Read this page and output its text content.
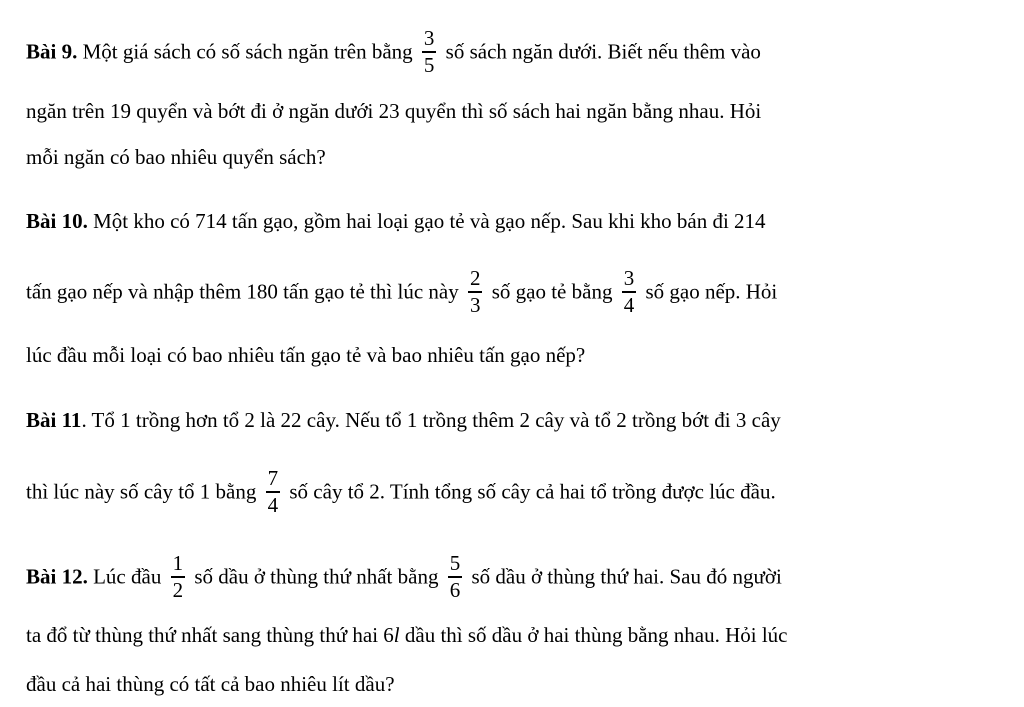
Bài 9. Một giá sách có số sách ngăn trên bằng $\frac{3}{5}$ số sách ngăn dưới. Biết nếu thêm vào
ngăn trên 19 quyển và bớt đi ở ngăn dưới 23 quyển thì số sách hai ngăn bằng nhau. Hỏi
mỗi ngăn có bao nhiêu quyển sách?
Bài 10. Một kho có 714 tấn gạo, gồm hai loại gạo tẻ và gạo nếp. Sau khi kho bán đi 214
tấn gạo nếp và nhập thêm 180 tấn gạo tẻ thì lúc này $\frac{2}{3}$ số gạo tẻ bằng $\frac{3}{4}$ số gạo nếp. Hỏi
lúc đầu mỗi loại có bao nhiêu tấn gạo tẻ và bao nhiêu tấn gạo nếp?
Bài 11. Tổ 1 trồng hơn tổ 2 là 22 cây. Nếu tổ 1 trồng thêm 2 cây và tổ 2 trồng bớt đi 3 cây
thì lúc này số cây tổ 1 bằng $\frac{7}{4}$ số cây tổ 2. Tính tổng số cây cả hai tổ trồng được lúc đầu.
Bài 12. Lúc đầu $\frac{1}{2}$ số dầu ở thùng thứ nhất bằng $\frac{5}{6}$ số dầu ở thùng thứ hai. Sau đó người
ta đổ từ thùng thứ nhất sang thùng thứ hai 6l dầu thì số dầu ở hai thùng bằng nhau. Hỏi lúc
đầu cả hai thùng có tất cả bao nhiêu lít dầu?
